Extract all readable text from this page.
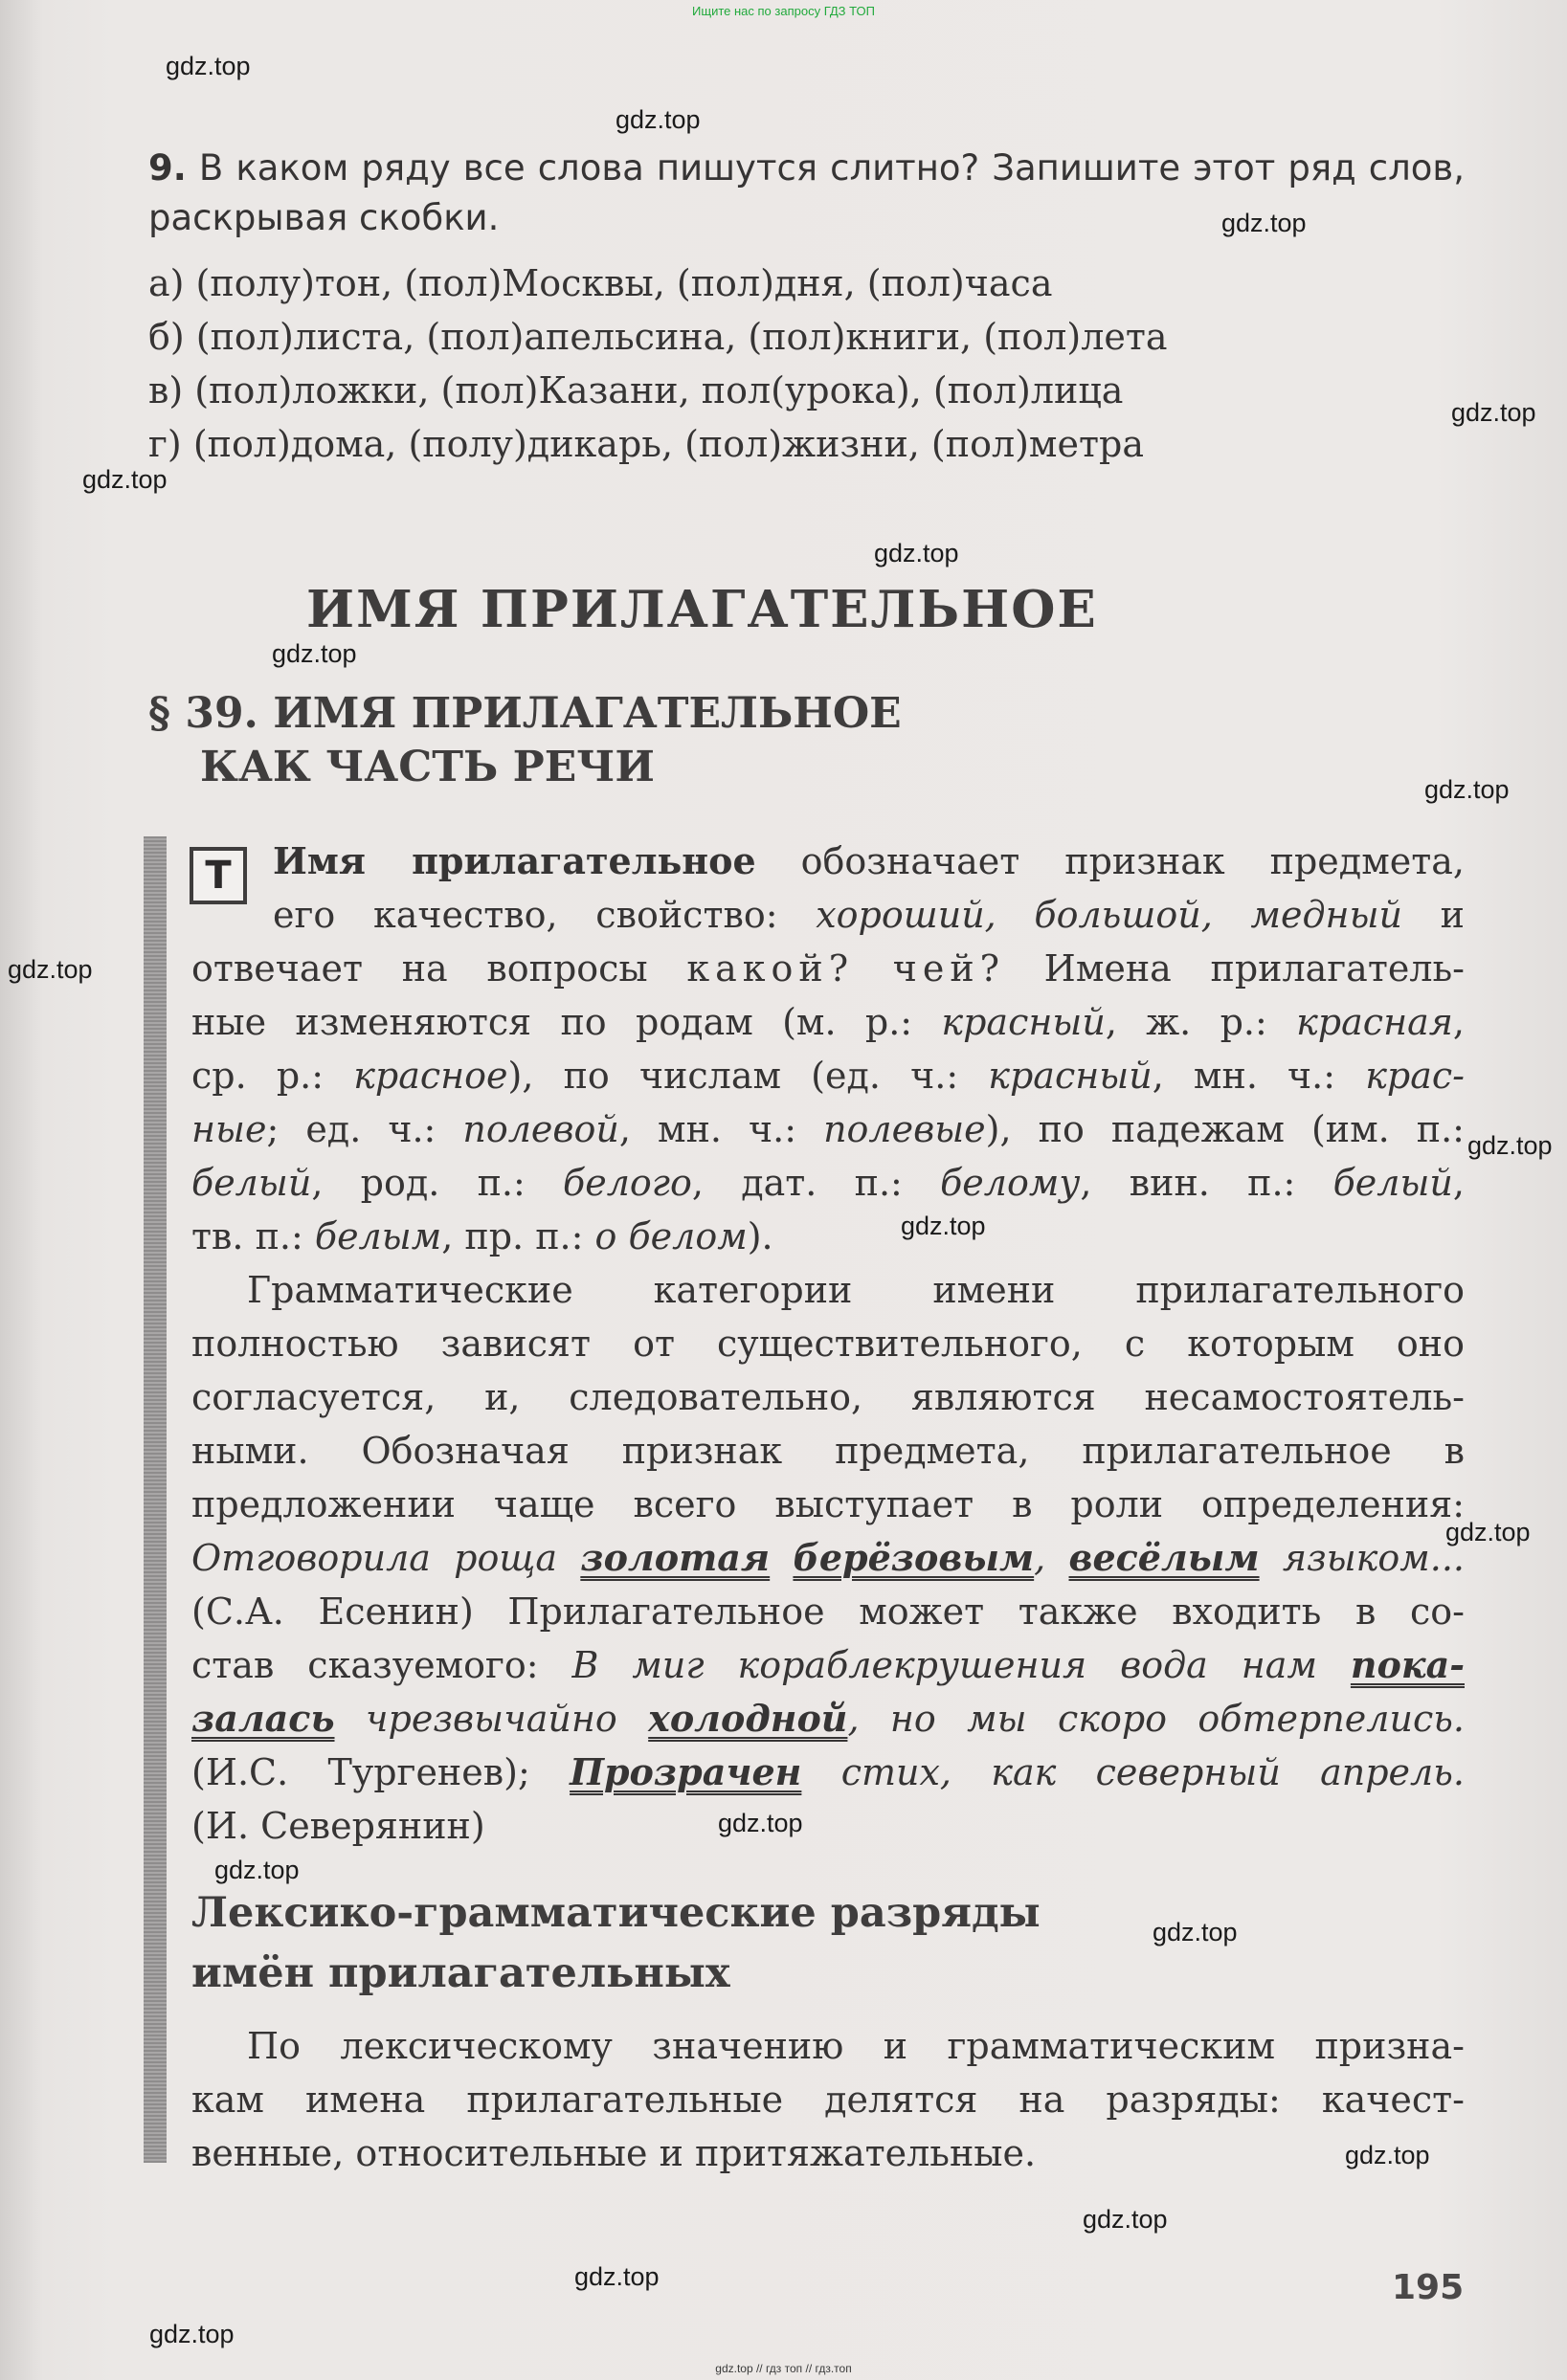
Ищите нас по запросу ГДЗ ТОП
9. В каком ряду все слова пишутся слитно? Запишите этот ряд слов, раскрывая скобки.
а) (полу)тон, (пол)Москвы, (пол)дня, (пол)часа
б) (пол)листа, (пол)апельсина, (пол)книги, (пол)лета
в) (пол)ложки, (пол)Казани, пол(урока), (пол)лица
г) (пол)дома, (полу)дикарь, (пол)жизни, (пол)метра
ИМЯ ПРИЛАГАТЕЛЬНОЕ
§ 39. ИМЯ ПРИЛАГАТЕЛЬНОЕ
КАК ЧАСТЬ РЕЧИ
Т	Имя прилагательное обозначает признак предмета,
его качество, свойство: хороший, большой, медный и
отвечает на вопросы какой? чей? Имена прилагатель-
ные изменяются по родам (м. р.: красный, ж. р.: красная,
ср. р.: красное), по числам (ед. ч.: красный, мн. ч.: крас-
ные; ед. ч.: полевой, мн. ч.: полевые), по падежам (им. п.:
белый, род. п.: белого, дат. п.: белому, вин. п.: белый,
тв. п.: белым, пр. п.: о белом).
Грамматические категории имени прилагательного
полностью зависят от существительного, с которым оно
согласуется, и, следовательно, являются несамостоятель-
ными. Обозначая признак предмета, прилагательное в
предложении чаще всего выступает в роли определения:
Отговорила роща золотая берёзовым, весёлым языком...
(С.А. Есенин) Прилагательное может также входить в со-
став сказуемого: В миг кораблекрушения вода нам пока-
залась чрезвычайно холодной, но мы скоро обтерпелись.
(И.С. Тургенев); Прозрачен стих, как северный апрель.
(И. Северянин)
Лексико-грамматические разряды
имён прилагательных
По лексическому значению и грамматическим призна-
кам имена прилагательные делятся на разряды: качест-
венные, относительные и притяжательные.
195
gdz.top
gdz.top
gdz.top
gdz.top
gdz.top
gdz.top
gdz.top
gdz.top
gdz.top
gdz.top
gdz.top
gdz.top
gdz.top
gdz.top
gdz.top
gdz.top
gdz.top
gdz.top
gdz.top
gdz.top // гдз топ // гдз.топ
